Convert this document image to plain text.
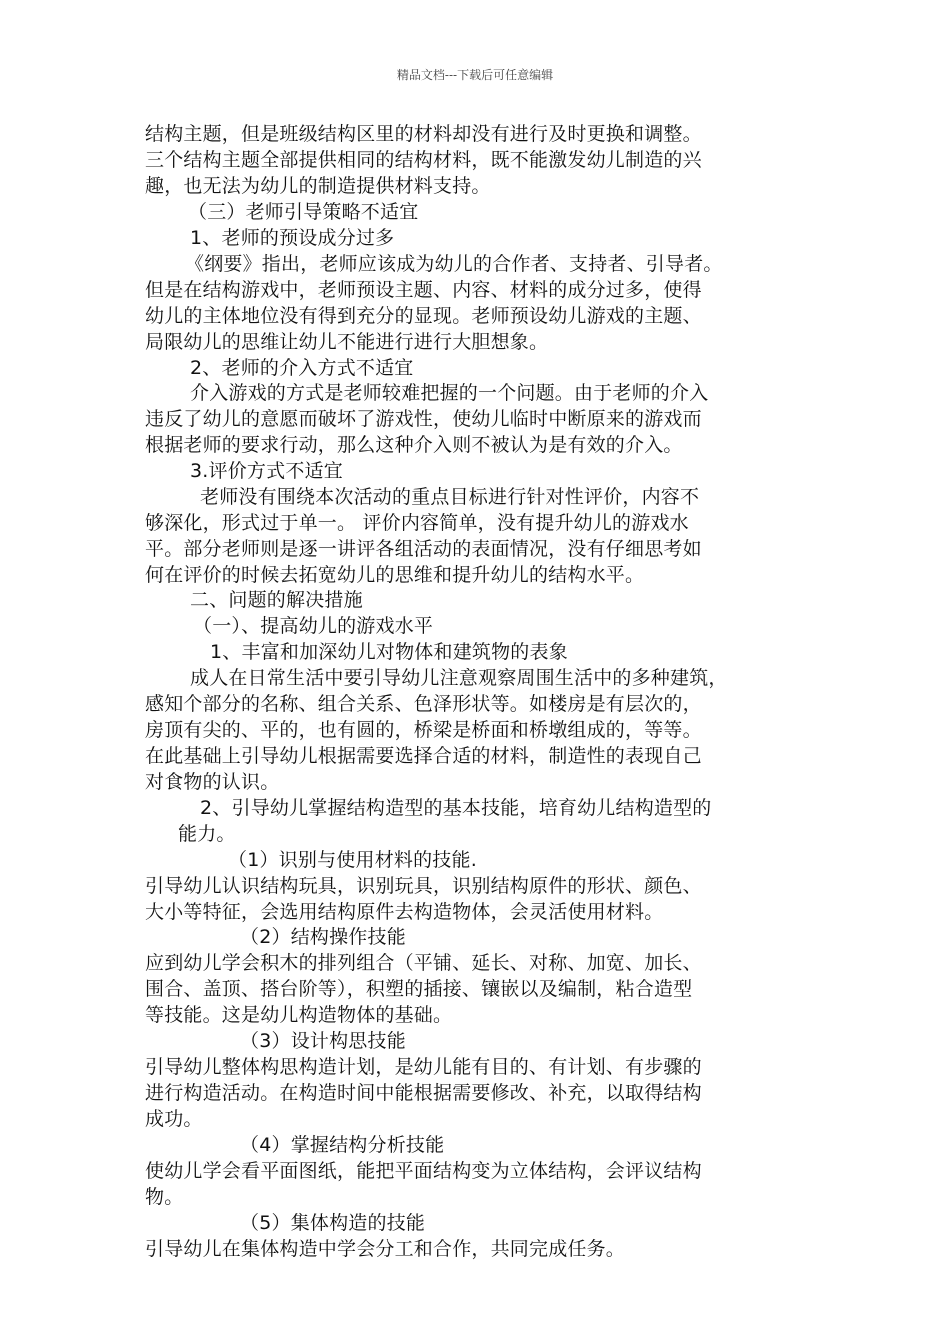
精品文档---下载后可任意编辑
结构主题，但是班级结构区里的材料却没有进行及时更换和调整。
三个结构主题全部提供相同的结构材料，既不能激发幼儿制造的兴
趣，也无法为幼儿的制造提供材料支持。
（三）老师引导策略不适宜
1、老师的预设成分过多
《纲要》指出，老师应该成为幼儿的合作者、支持者、引导者。
但是在结构游戏中，老师预设主题、内容、材料的成分过多，使得
幼儿的主体地位没有得到充分的显现。老师预设幼儿游戏的主题、
局限幼儿的思维让幼儿不能进行进行大胆想象。
2、老师的介入方式不适宜
介入游戏的方式是老师较难把握的一个问题。由于老师的介入
违反了幼儿的意愿而破坏了游戏性，使幼儿临时中断原来的游戏而
根据老师的要求行动，那么这种介入则不被认为是有效的介入。
3.评价方式不适宜
老师没有围绕本次活动的重点目标进行针对性评价，内容不
够深化，形式过于单一。 评价内容简单，没有提升幼儿的游戏水
平。部分老师则是逐一讲评各组活动的表面情况，没有仔细思考如
何在评价的时候去拓宽幼儿的思维和提升幼儿的结构水平。
二、问题的解决措施
（一）、提高幼儿的游戏水平
1、丰富和加深幼儿对物体和建筑物的表象
成人在日常生活中要引导幼儿注意观察周围生活中的多种建筑，
感知个部分的名称、组合关系、色泽形状等。如楼房是有层次的，
房顶有尖的、平的，也有圆的，桥梁是桥面和桥墩组成的，等等。
在此基础上引导幼儿根据需要选择合适的材料，制造性的表现自己
对食物的认识。
2、引导幼儿掌握结构造型的基本技能，培育幼儿结构造型的
能力。
（1）识别与使用材料的技能.
引导幼儿认识结构玩具，识别玩具，识别结构原件的形状、颜色、
大小等特征，会选用结构原件去构造物体，会灵活使用材料。
（2）结构操作技能
应到幼儿学会积木的排列组合（平铺、延长、对称、加宽、加长、
围合、盖顶、搭台阶等），积塑的插接、镶嵌以及编制，粘合造型
等技能。这是幼儿构造物体的基础。
（3）设计构思技能
引导幼儿整体构思构造计划，是幼儿能有目的、有计划、有步骤的
进行构造活动。在构造时间中能根据需要修改、补充，以取得结构
成功。
（4）掌握结构分析技能
使幼儿学会看平面图纸，能把平面结构变为立体结构，会评议结构
物。
（5）集体构造的技能
引导幼儿在集体构造中学会分工和合作，共同完成任务。
